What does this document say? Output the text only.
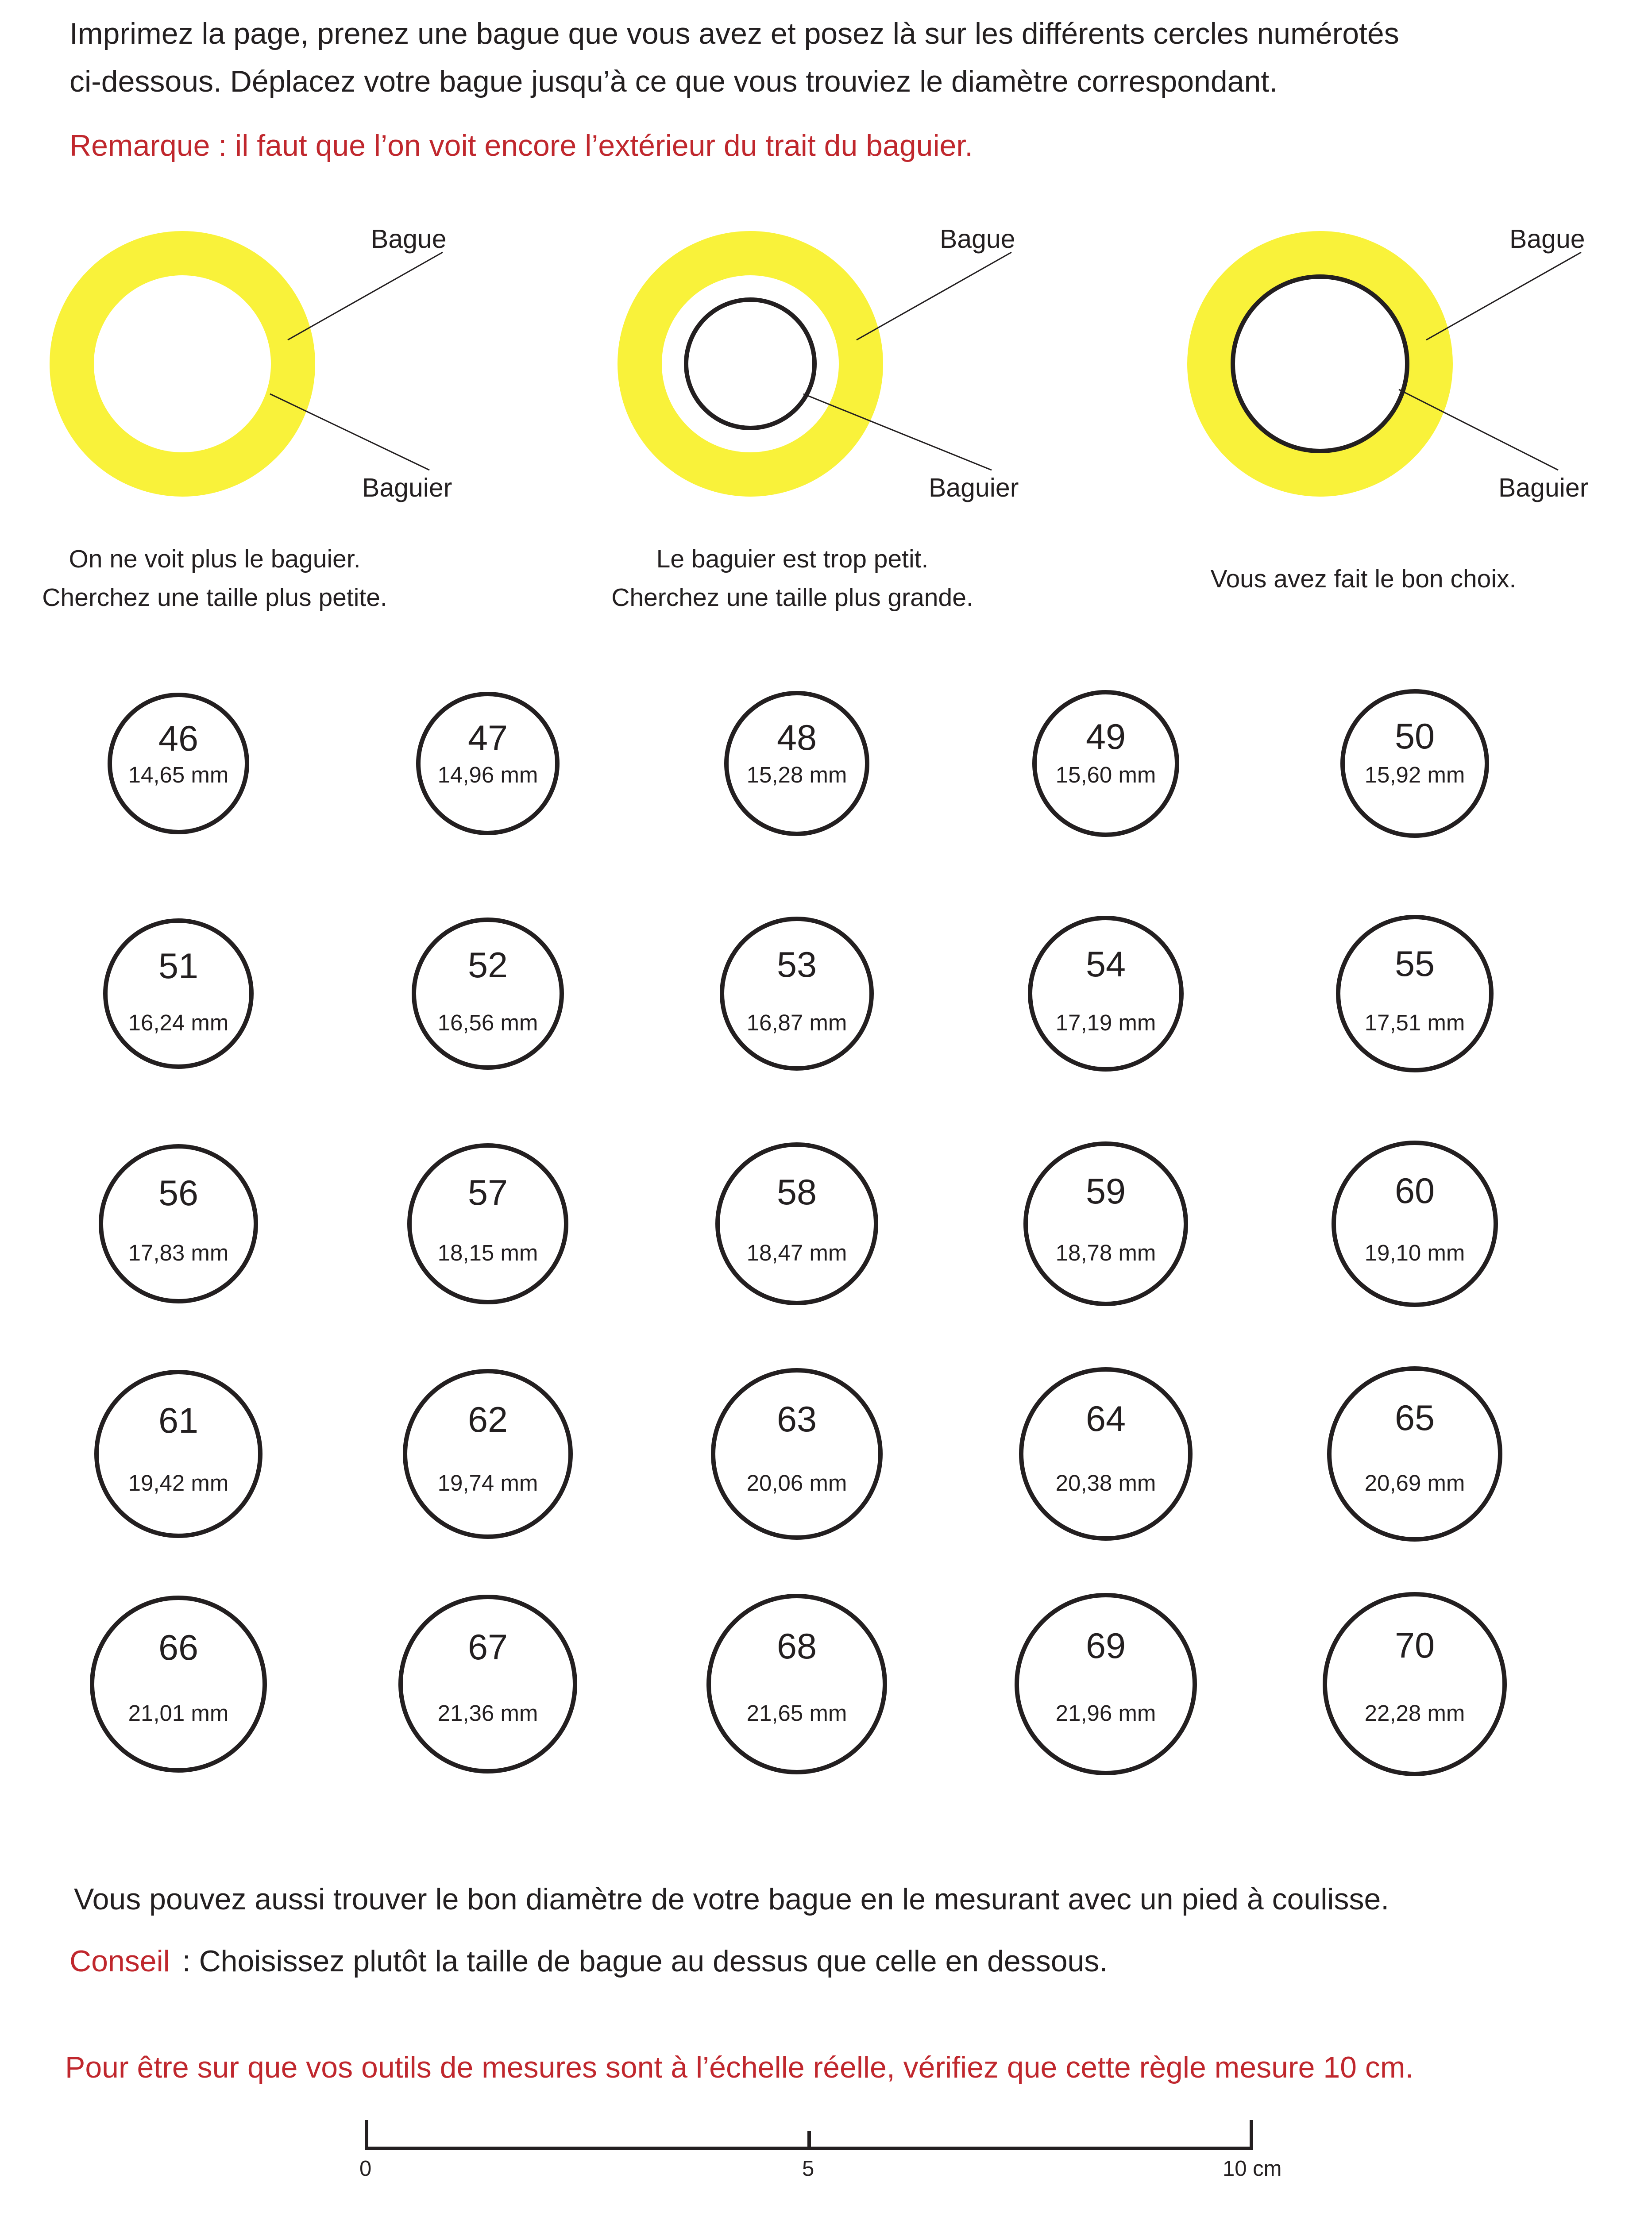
Imprimez la page, prenez une bague que vous avez et posez là sur les différents cercles numérotés

ci-dessous. Déplacez votre bague jusqu’à ce que vous trouviez le diamètre correspondant.

Remarque : il faut que l’on voit encore l’extérieur du trait du baguier.
Bague
Baguier
Bague
Baguier
Bague
Baguier
On ne voit plus le baguier.
Cherchez une taille plus petite.
Le baguier est trop petit.
Cherchez une taille plus grande.
Vous avez fait le bon choix.
46
14,65 mm
47
14,96 mm
48
15,28 mm
49
15,60 mm
50
15,92 mm
51
16,24 mm
52
16,56 mm
53
16,87 mm
54
17,19 mm
55
17,51 mm
56
17,83 mm
57
18,15 mm
58
18,47 mm
59
18,78 mm
60
19,10 mm
61
19,42 mm
62
19,74 mm
63
20,06 mm
64
20,38 mm
65
20,69 mm
66
21,01 mm
67
21,36 mm
68
21,65 mm
69
21,96 mm
70
22,28 mm
Vous pouvez aussi trouver le bon diamètre de votre bague en le mesurant avec un pied à coulisse.
Conseil : Choisissez plutôt la taille de bague au dessus que celle en dessous.
Pour être sur que vos outils de mesures sont à l’échelle réelle, vérifiez que cette règle mesure 10 cm.
0	5	10 cm
